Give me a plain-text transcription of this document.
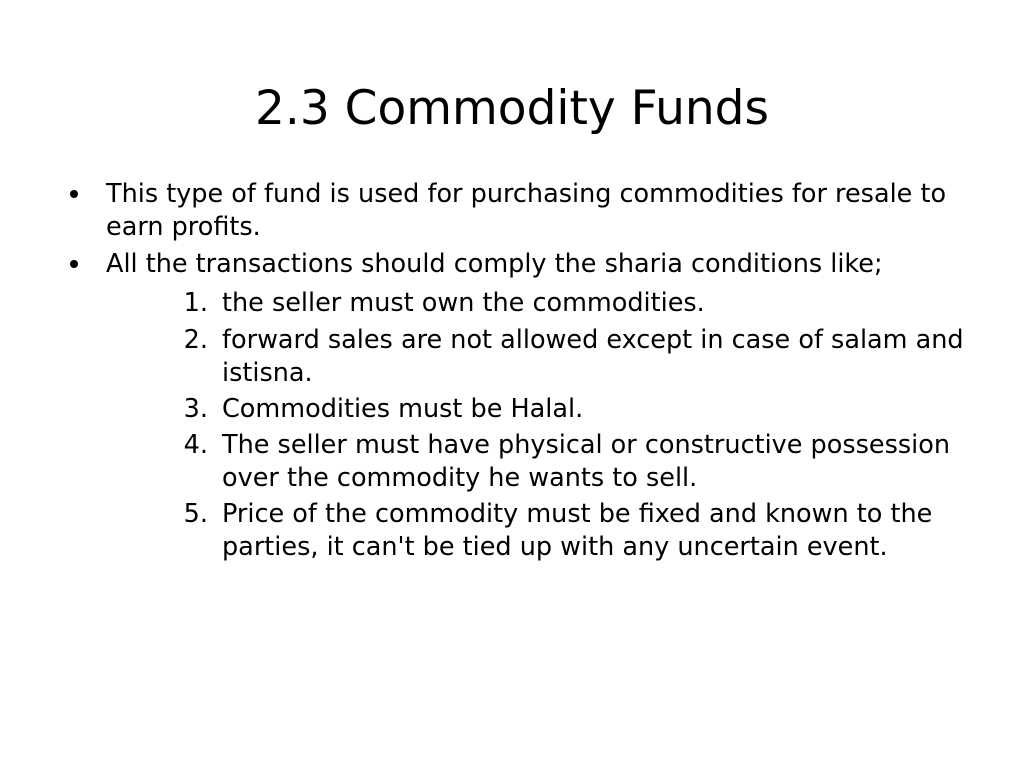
2.3 Commodity Funds
This type of fund is used for purchasing commodities for resale to earn profits.
All the transactions should comply the sharia conditions like;
1. the seller must own the commodities.
2. forward sales are not allowed except in case of salam and istisna.
3. Commodities must be Halal.
4. The seller must have physical or constructive possession over the commodity he wants to sell.
5. Price of the commodity must be fixed and known to the parties, it can't be tied up with any uncertain event.
